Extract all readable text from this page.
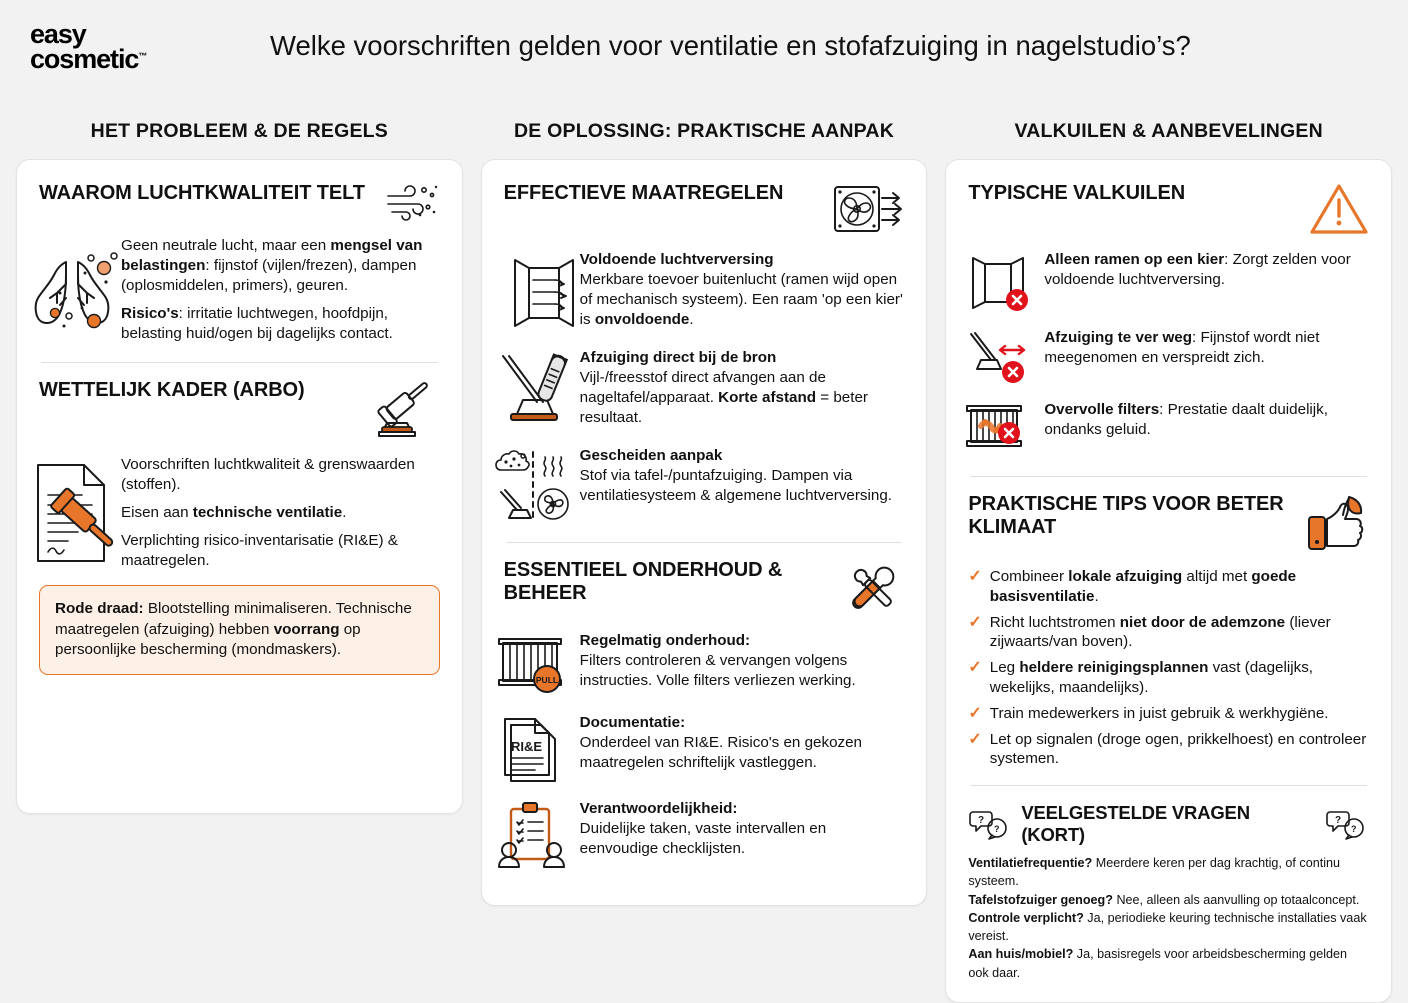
easy
cosmetic™	Welke voorschriften gelden voor ventilatie en stofafzuiging in nagelstudio’s?
HET PROBLEEM & DE REGELS
WAAROM LUCHTKWALITEIT TELT

Geen neutrale lucht, maar een mengsel van belastingen: fijnstof (vijlen/frezen), dampen (oplosmiddelen, primers), geuren.

Risico's: irritatie luchtwegen, hoofdpijn, belasting huid/ogen bij dagelijks contact.

WETTELIJK KADER (ARBO)

Voorschriften luchtkwaliteit & grenswaarden (stoffen).

Eisen aan technische ventilatie.

Verplichting risico-inventarisatie (RI&E) & maatregelen.

Rode draad: Blootstelling minimaliseren. Technische maatregelen (afzuiging) hebben voorrang op persoonlijke bescherming (mondmaskers).
DE OPLOSSING: PRAKTISCHE AANPAK
EFFECTIEVE MAATREGELEN
Voldoende luchtverversing
Merkbare toevoer buitenlucht (ramen wijd open of mechanisch systeem). Een raam 'op een kier' is onvoldoende.
Afzuiging direct bij de bron
Vijl-/freesstof direct afvangen aan de nageltafel/apparaat. Korte afstand = beter resultaat.
Gescheiden aanpak
Stof via tafel-/puntafzuiging. Dampen via ventilatiesysteem & algemene luchtverversing.
ESSENTIEEL ONDERHOUD & BEHEER
PULL
Regelmatig onderhoud:
Filters controleren & vervangen volgens instructies. Volle filters verliezen werking.
RI&E
Documentatie:
Onderdeel van RI&E. Risico's en gekozen maatregelen schriftelijk vastleggen.
Verantwoordelijkheid:
Duidelijke taken, vaste intervallen en eenvoudige checklijsten.
VALKUILEN & AANBEVELINGEN
TYPISCHE VALKUILEN
Alleen ramen op een kier: Zorgt zelden voor voldoende luchtverversing.
Afzuiging te ver weg: Fijnstof wordt niet meegenomen en verspreidt zich.
Overvolle filters: Prestatie daalt duidelijk, ondanks geluid.
PRAKTISCHE TIPS VOOR BETER KLIMAAT
✓ Combineer lokale afzuiging altijd met goede basisventilatie.
✓ Richt luchtstromen niet door de ademzone (liever zijwaarts/van boven).
✓ Leg heldere reinigingsplannen vast (dagelijks, wekelijks, maandelijks).
✓ Train medewerkers in juist gebruik & werkhygiëne.
✓ Let op signalen (droge ogen, prikkelhoest) en controleer systemen.
?
?
VEELGESTELDE VRAGEN (KORT)
?
?
Ventilatiefrequentie? Meerdere keren per dag krachtig, of continu systeem.
Tafelstofzuiger genoeg? Nee, alleen als aanvulling op totaalconcept.
Controle verplicht? Ja, periodieke keuring technische installaties vaak vereist.
Aan huis/mobiel? Ja, basisregels voor arbeidsbescherming gelden ook daar.
